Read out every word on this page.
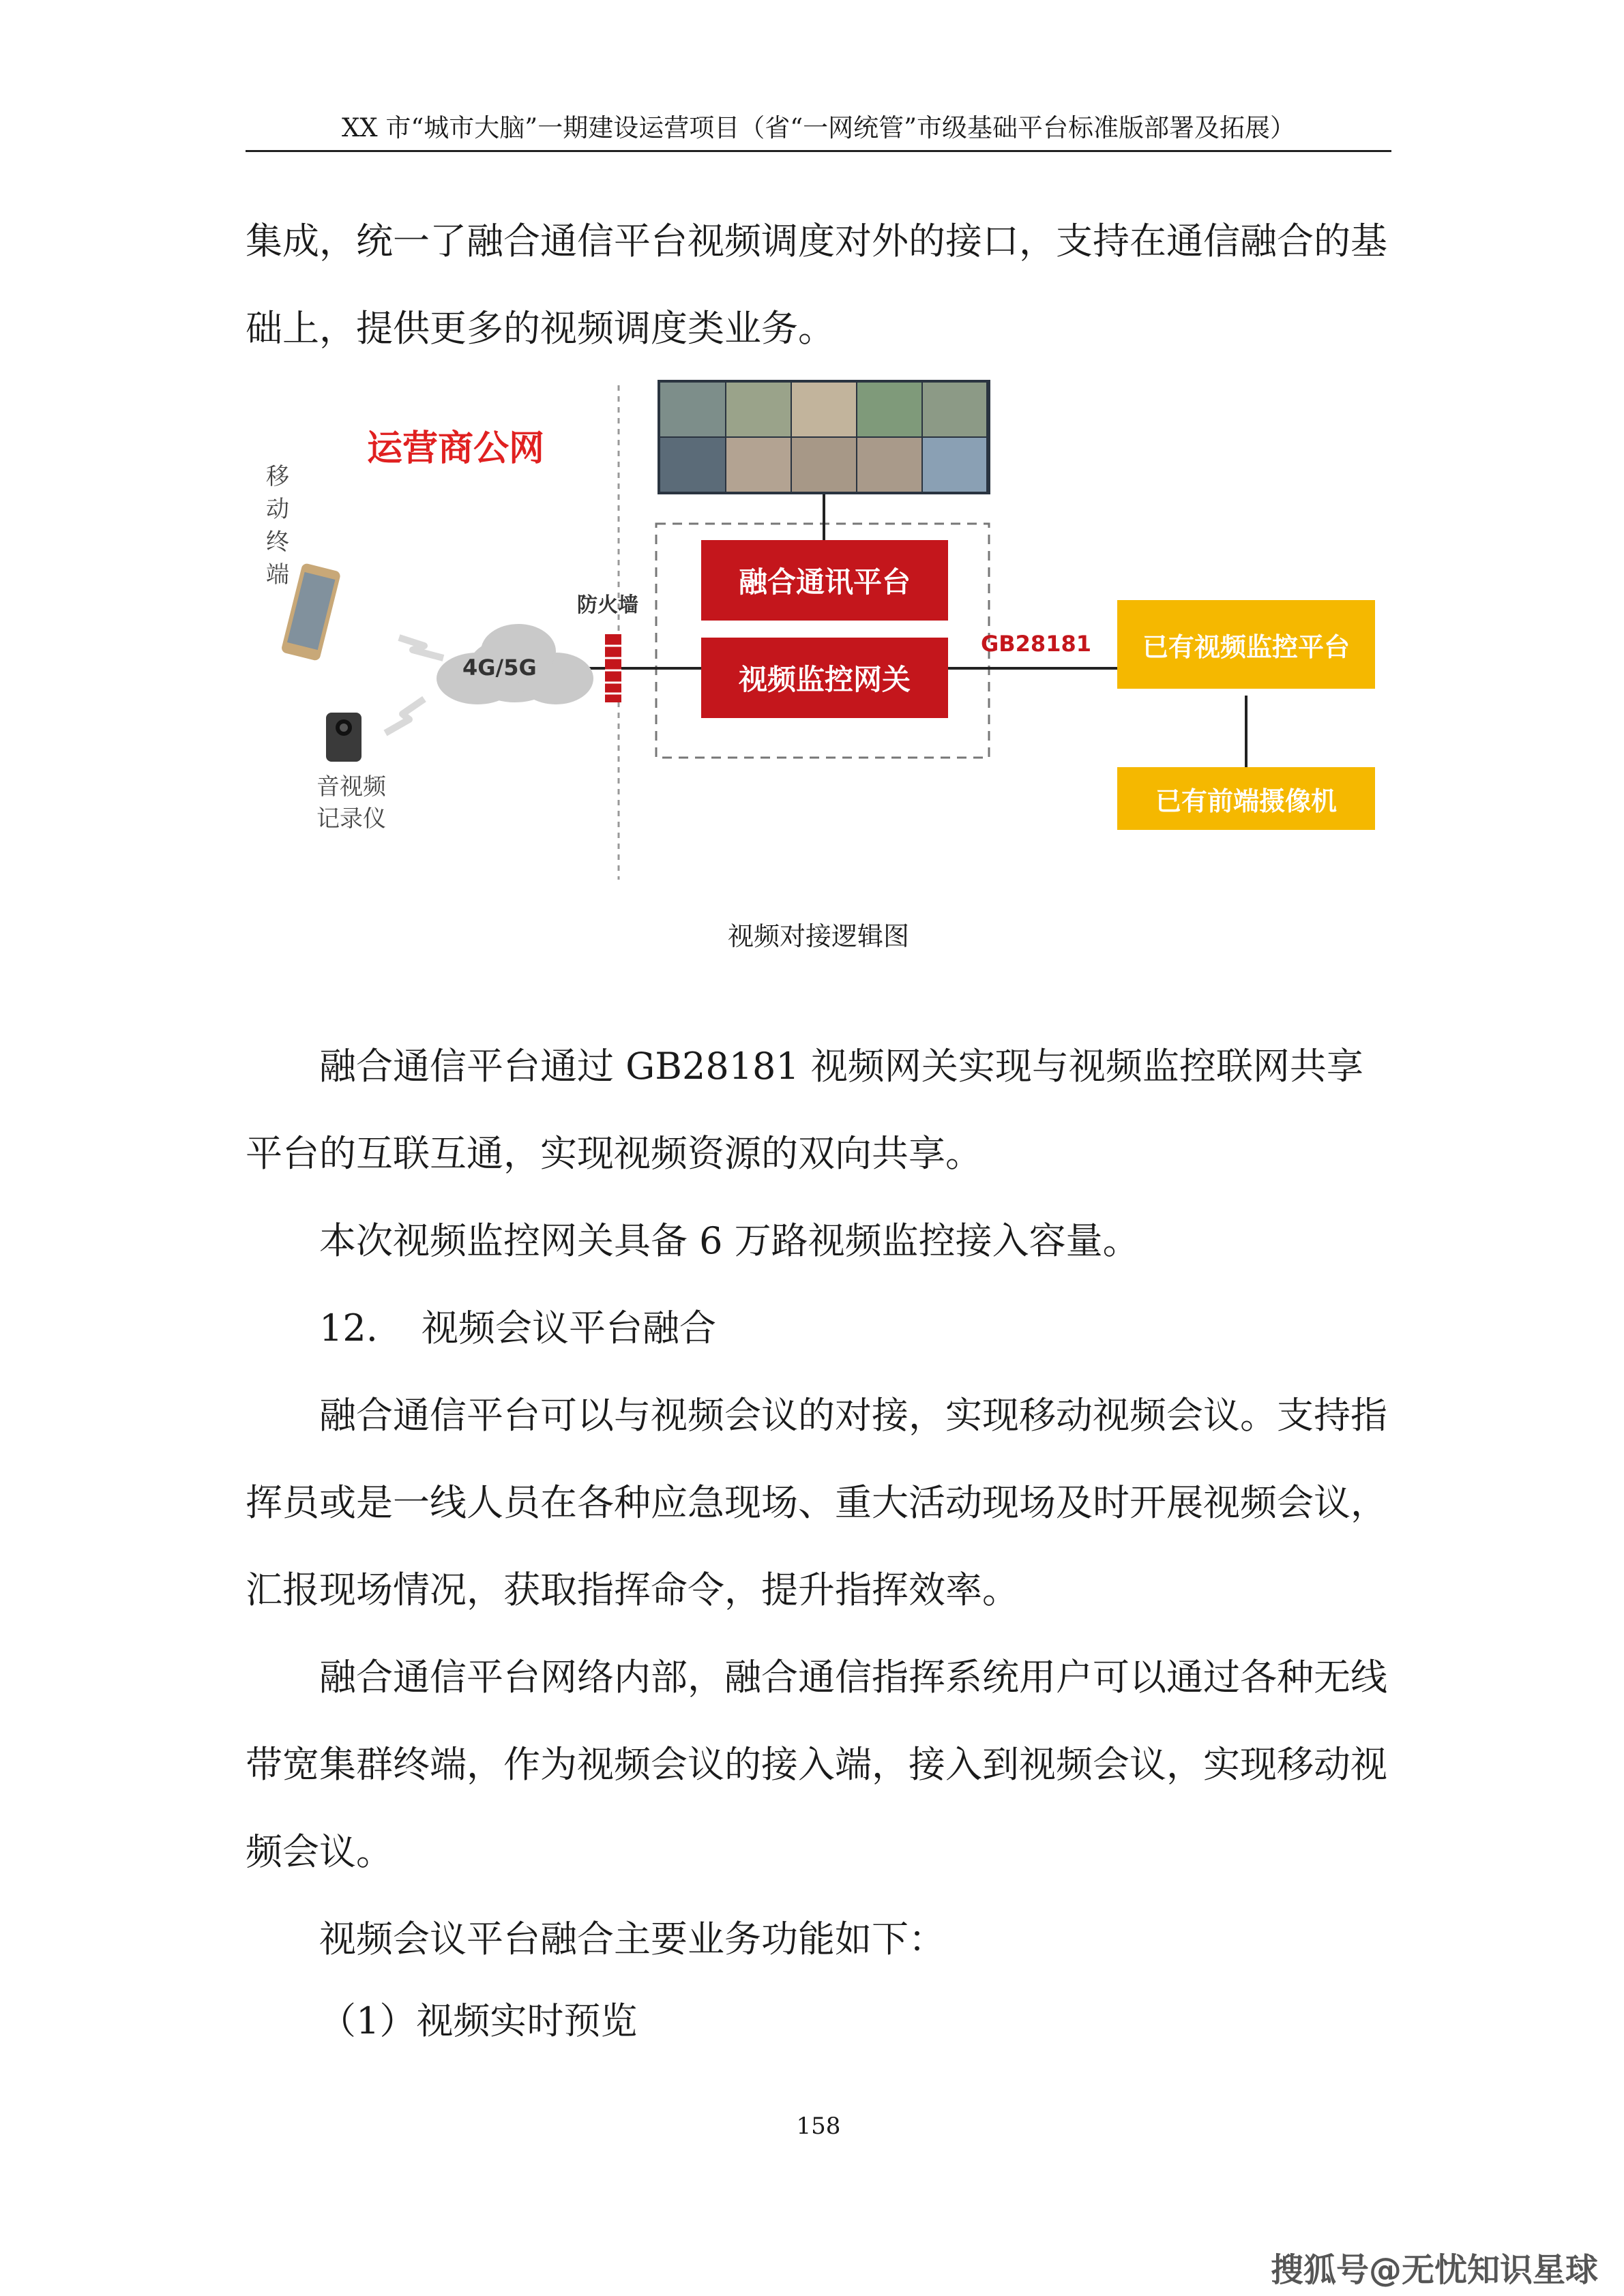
XX 市“城市大脑”一期建设运营项目（省“一网统管”市级基础平台标准版部署及拓展）

集成，统一了融合通信平台视频调度对外的接口，支持在通信融合的基础上，提供更多的视频调度类业务。

运营商公网
移
动
终
端
4G/5G
音视频
记录仪
防火墙
融合通讯平台
视频监控网关
GB28181	已有视频监控平台
已有前端摄像机
视频对接逻辑图

融合通信平台通过 GB28181 视频网关实现与视频监控联网共享平台的互联互通，实现视频资源的双向共享。

本次视频监控网关具备 6 万路视频监控接入容量。

12. 视频会议平台融合

融合通信平台可以与视频会议的对接，实现移动视频会议。支持指挥员或是一线人员在各种应急现场、重大活动现场及时开展视频会议，汇报现场情况，获取指挥命令，提升指挥效率。

融合通信平台网络内部，融合通信指挥系统用户可以通过各种无线带宽集群终端，作为视频会议的接入端，接入到视频会议，实现移动视频会议。

视频会议平台融合主要业务功能如下：

（1）视频实时预览
158
搜狐号@无忧知识星球
